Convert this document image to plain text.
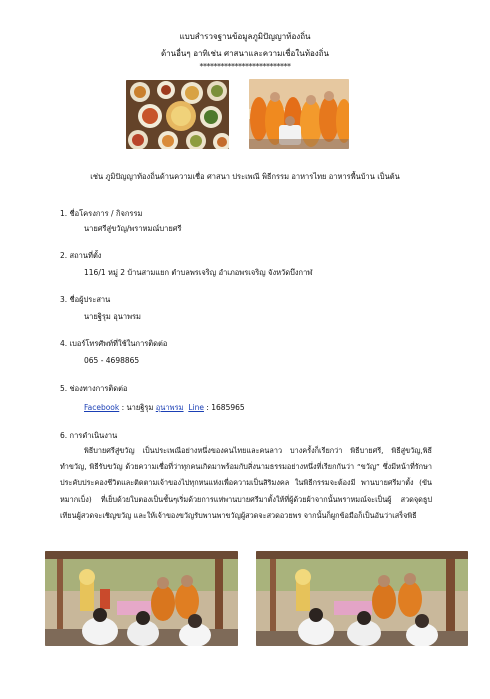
แบบสำรวจฐานข้อมูลภูมิปัญญาท้องถิ่น
ด้านอื่นๆ อาทิเช่น ศาสนาและความเชื่อในท้องถิ่น
**************************
เช่น ภูมิปัญญาท้องถิ่นด้านความเชื่อ ศาสนา ประเพณี พิธีกรรม อาหารไทย อาหารพื้นบ้าน เป็นต้น
1. ชื่อโครงการ / กิจกรรม
นายศรีสู่ขวัญ/พราหมณ์บายศรี
2. สถานที่ตั้ง
116/1 หมู่ 2 บ้านสามแยก ตำบลพรเจริญ อำเภอพรเจริญ จังหวัดบึงกาฬ
3. ชื่อผู้ประสาน
นายฐิรุม อุนาพรม
4. เบอร์โทรศัพท์ที่ใช้ในการติดต่อ
065 - 4698865
5. ช่องทางการติดต่อ
Facebook : นายฐิรุม อุนาพรม Line : 1685965
6. การดำเนินงาน
พิธีบายศรีสู่ขวัญ เป็นประเพณีอย่างหนึ่งของคนไทยและคนลาว บางครั้งก็เรียกว่า พิธีบายศรี, พิธีสู่ขวัญ,พิธีทำขวัญ, พิธีรับขวัญ ด้วยความเชื่อที่ว่าทุกคนเกิดมาพร้อมกับสิ่งนามธรรมอย่างหนึ่งที่เรียกกันว่า “ขวัญ” ซึ่งมีหน้าที่รักษาประคับประคองชีวิตและติดตามเจ้าของไปทุกหนแห่งเพื่อความเป็นสิริมงคล ในพิธีกรรมจะต้องมี พานบายศรีมาตั้ง (ขันหมากเบ็ง) ที่เย็บด้วยใบตองเป็นชั้นๆเริ่มด้วยการแห่พานบายศรีมาตั้งให้ที่ผู้ด้วยผ้าจากนั้นพราหมณ์จะเป็นผู้ สวดจุดธูปเทียนผู้สวดจะเชิญขวัญ และให้เจ้าของขวัญรับพานพาขวัญผู้สวดจะสวดอวยพร จากนั้นก็ผูกข้อมือก็เป็นอันว่าเสร็จพิธี
